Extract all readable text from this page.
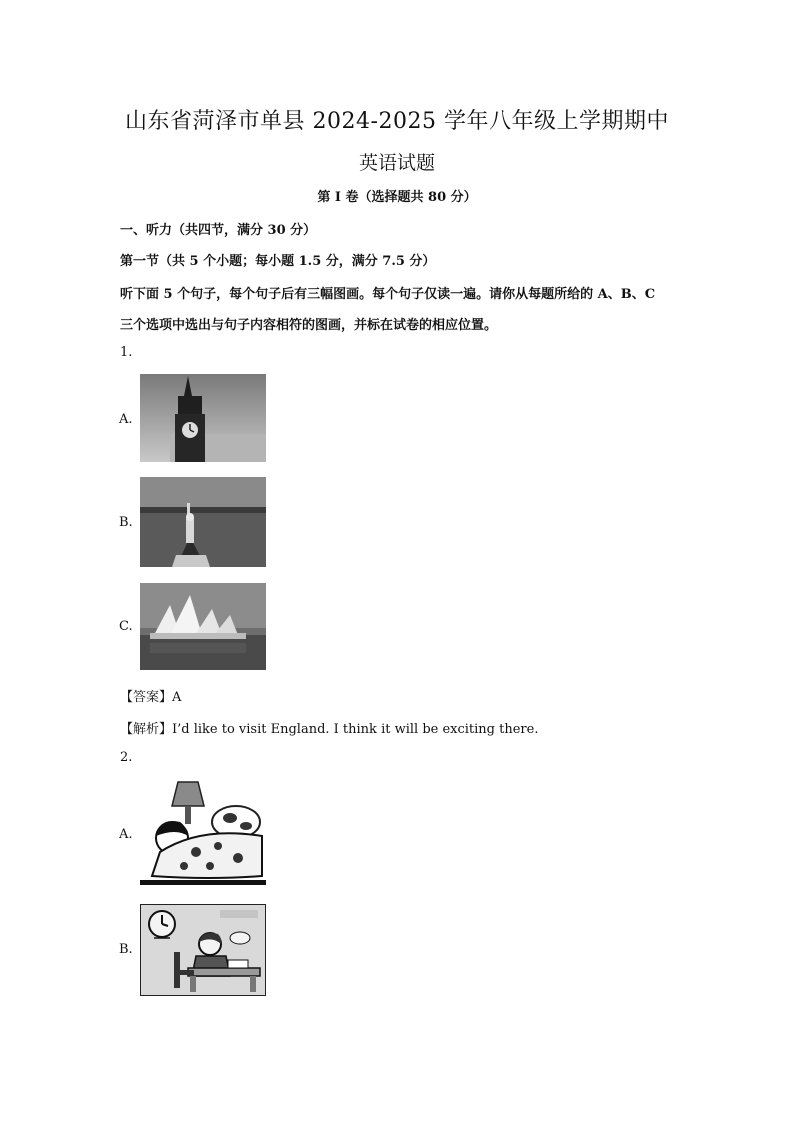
山东省菏泽市单县 2024-2025 学年八年级上学期期中
英语试题
第 I 卷（选择题共 80 分）
一、听力（共四节，满分 30 分）
第一节（共 5 个小题；每小题 1.5 分，满分 7.5 分）
听下面 5 个句子，每个句子后有三幅图画。每个句子仅读一遍。请你从每题所给的 A、B、C
三个选项中选出与句子内容相符的图画，并标在试卷的相应位置。
1.
A.
B.
C.
【答案】A
【解析】I’d like to visit England. I think it will be exciting there.
2.
A.
B.
